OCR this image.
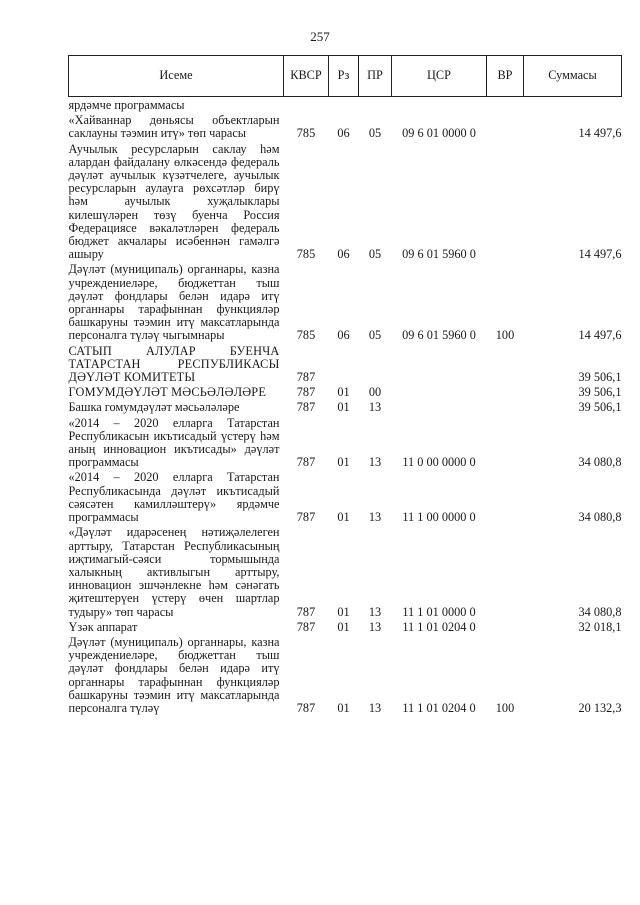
257
Исеме	КВСР	Рз	ПР	ЦСР	ВР	Суммасы
ярдәмче программасы						
«Хайваннар дөньясы объектларын саклауны тәэмин итү» төп чарасы	785	06	05	09 6 01 0000 0		14 497,6
Аучылык ресурсларын саклау һәм алардан файдалану өлкәсендә федераль дәүләт аучылык күзәтчелеге, аучылык ресурсларын аулауга рөхсәтләр бирү һәм аучылык хуҗалыклары килешүләрен төзү буенча Россия Федерациясе вәкаләтләрен федераль бюджет акчалары исәбеннән гамәлгә ашыру	785	06	05	09 6 01 5960 0		14 497,6
Дәүләт (муниципаль) органнары, казна учреждениеләре, бюджеттан тыш дәүләт фондлары белән идарә итү органнары тарафыннан функцияләр башкаруны тәэмин итү максатларында персоналга түләү чыгымнары	785	06	05	09 6 01 5960 0	100	14 497,6
САТЫП АЛУЛАР БУЕНЧА ТАТАРСТАН РЕСПУБЛИКАСЫ ДӘҮЛӘТ КОМИТЕТЫ	787					39 506,1
ГОМУМДӘҮЛӘТ МӘСЬӘЛӘЛӘРЕ	787	01	00			39 506,1
Башка гомумдәүләт мәсьәләләре	787	01	13			39 506,1
«2014 – 2020 елларга Татарстан Республикасын икътисадый үстерү һәм аның инновацион икътисады» дәүләт программасы	787	01	13	11 0 00 0000 0		34 080,8
«2014 – 2020 елларга Татарстан Республикасында дәүләт икътисадый сәясәтен камилләштерү» ярдәмче программасы	787	01	13	11 1 00 0000 0		34 080,8
«Дәүләт идарәсенең нәтиҗәлелеген арттыру, Татарстан Республикасының иҗтимагый-сәяси тормышында халыкның активлыгын арттыру, инновацион эшчәнлекне һәм сәнәгать җитештерүен үстерү өчен шартлар тудыру» төп чарасы	787	01	13	11 1 01 0000 0		34 080,8
Үзәк аппарат	787	01	13	11 1 01 0204 0		32 018,1
Дәүләт (муниципаль) органнары, казна учреждениеләре, бюджеттан тыш дәүләт фондлары белән идарә итү органнары тарафыннан функцияләр башкаруны тәэмин итү максатларында персоналга түләү	787	01	13	11 1 01 0204 0	100	20 132,3
